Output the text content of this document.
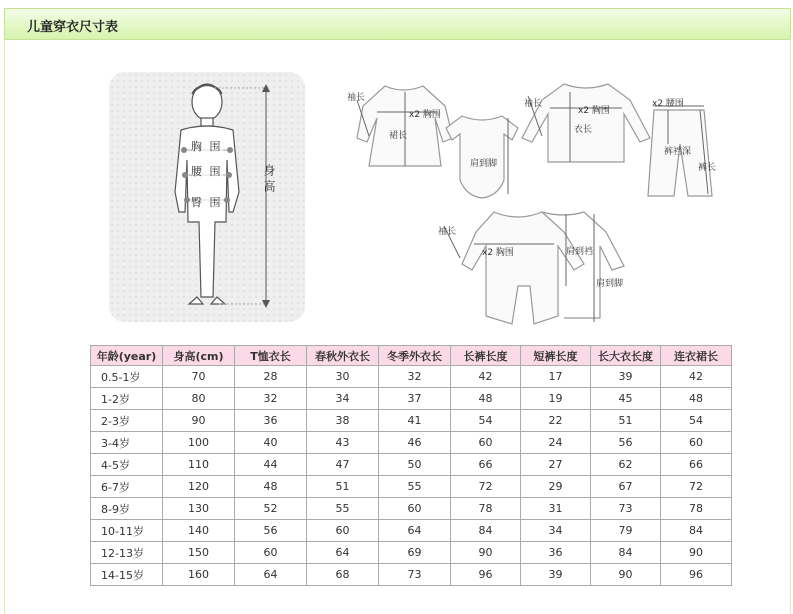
儿童穿衣尺寸表
胸 围
腰 围
臀 围
身高
袖长
x2 胸围
裙长
肩到脚
袖长
x2 胸围
衣长
x2 腰围
裤裆深
裤长
袖长
x2 胸围	肩到裆
肩到脚
年龄(year)	身高(cm)	T恤衣长	春秋外衣长	冬季外衣长	长裤长度	短裤长度	长大衣长度	连衣裙长
0.5-1岁	70	28	30	32	42	17	39	42
1-2岁	80	32	34	37	48	19	45	48
2-3岁	90	36	38	41	54	22	51	54
3-4岁	100	40	43	46	60	24	56	60
4-5岁	110	44	47	50	66	27	62	66
6-7岁	120	48	51	55	72	29	67	72
8-9岁	130	52	55	60	78	31	73	78
10-11岁	140	56	60	64	84	34	79	84
12-13岁	150	60	64	69	90	36	84	90
14-15岁	160	64	68	73	96	39	90	96
